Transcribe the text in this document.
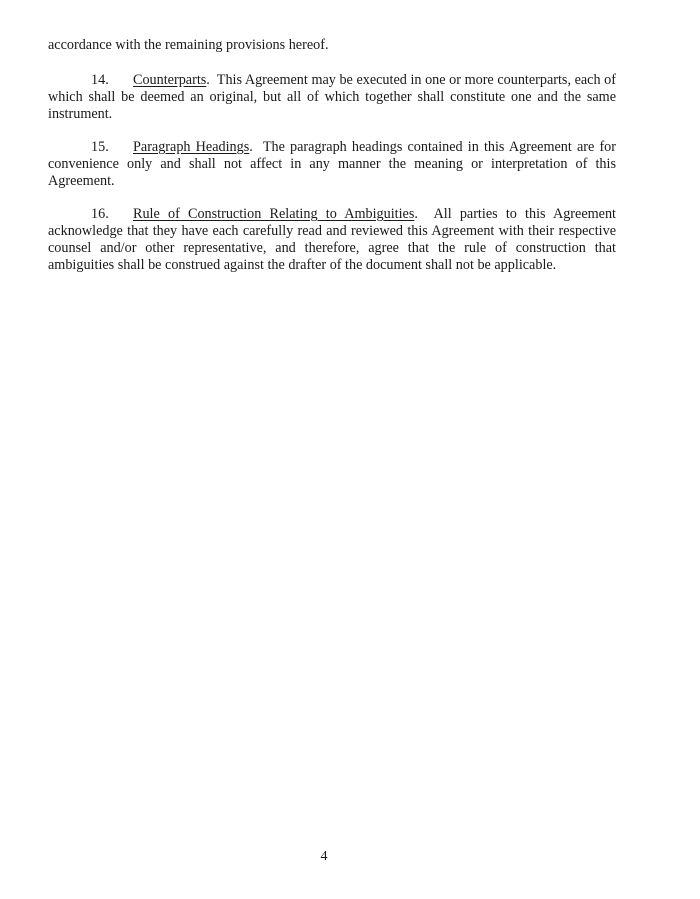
accordance with the remaining provisions hereof.

14. Counterparts.  This Agreement may be executed in one or more counterparts, each of which shall be deemed an original, but all of which together shall constitute one and the same instrument.

15. Paragraph Headings.  The paragraph headings contained in this Agreement are for convenience only and shall not affect in any manner the meaning or interpretation of this Agreement.

16. Rule of Construction Relating to Ambiguities.  All parties to this Agreement acknowledge that they have each carefully read and reviewed this Agreement with their respective counsel and/or other representative, and therefore, agree that the rule of construction that ambiguities shall be construed against the drafter of the document shall not be applicable.

4
